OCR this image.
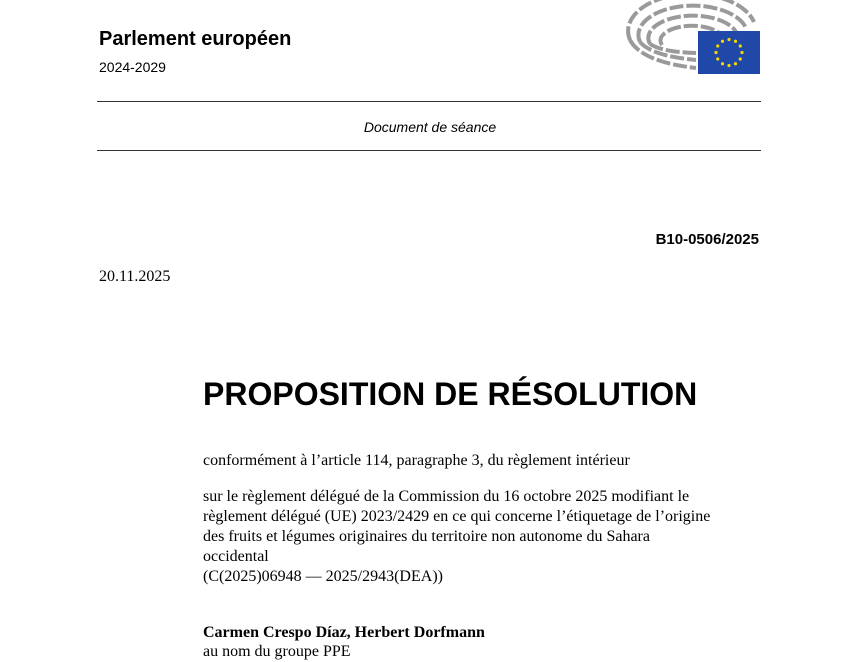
Parlement européen
2024-2029
Document de séance
B10-0506/2025
20.11.2025
PROPOSITION DE RÉSOLUTION
conformément à l’article 114, paragraphe 3, du règlement intérieur
sur le règlement délégué de la Commission du 16 octobre 2025 modifiant le
règlement délégué (UE) 2023/2429 en ce qui concerne l’étiquetage de l’origine
des fruits et légumes originaires du territoire non autonome du Sahara
occidental
(C(2025)06948 — 2025/2943(DEA))
Carmen Crespo Díaz, Herbert Dorfmann
au nom du groupe PPE
